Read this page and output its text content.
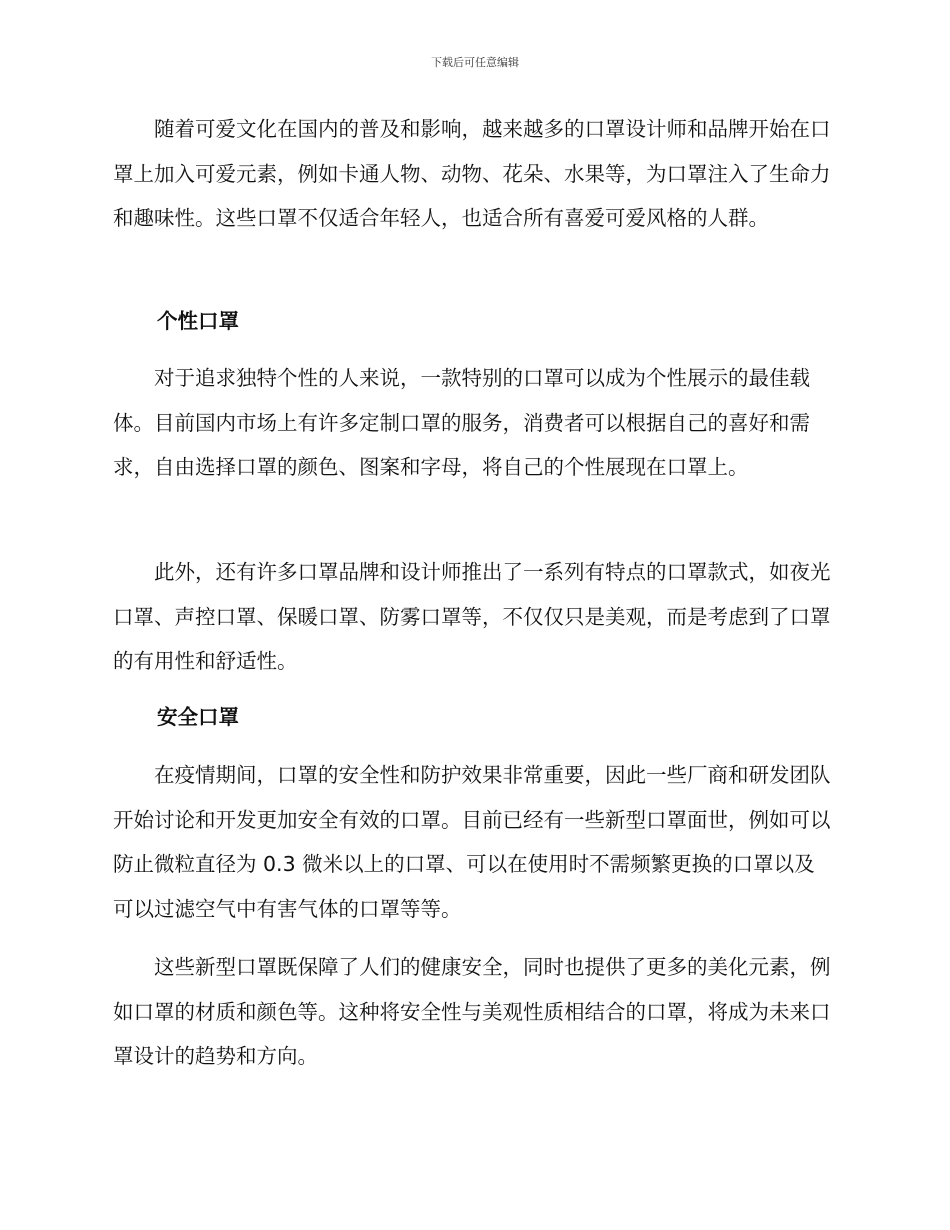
下载后可任意编辑

随着可爱文化在国内的普及和影响，越来越多的口罩设计师和品牌开始在口罩上加入可爱元素，例如卡通人物、动物、花朵、水果等，为口罩注入了生命力和趣味性。这些口罩不仅适合年轻人，也适合所有喜爱可爱风格的人群。

个性口罩

对于追求独特个性的人来说，一款特别的口罩可以成为个性展示的最佳载体。目前国内市场上有许多定制口罩的服务，消费者可以根据自己的喜好和需求，自由选择口罩的颜色、图案和字母，将自己的个性展现在口罩上。

此外，还有许多口罩品牌和设计师推出了一系列有特点的口罩款式，如夜光口罩、声控口罩、保暖口罩、防雾口罩等，不仅仅只是美观，而是考虑到了口罩的有用性和舒适性。

安全口罩

在疫情期间，口罩的安全性和防护效果非常重要，因此一些厂商和研发团队开始讨论和开发更加安全有效的口罩。目前已经有一些新型口罩面世，例如可以防止微粒直径为 0.3 微米以上的口罩、可以在使用时不需频繁更换的口罩以及可以过滤空气中有害气体的口罩等等。

这些新型口罩既保障了人们的健康安全，同时也提供了更多的美化元素，例如口罩的材质和颜色等。这种将安全性与美观性质相结合的口罩，将成为未来口罩设计的趋势和方向。
